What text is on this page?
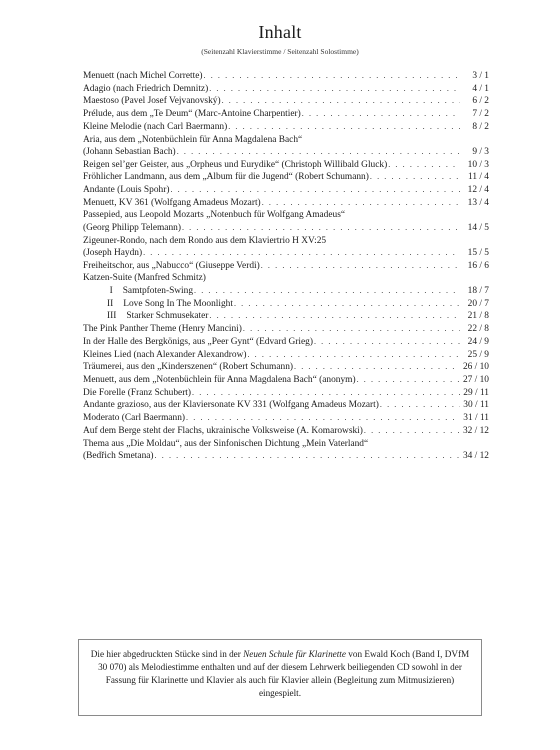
Inhalt
(Seitenzahl Klavierstimme / Seitenzahl Solostimme)
Menuett (nach Michel Corrette) . . .	3 / 1
Adagio (nach Friedrich Demnitz) . . .	4 / 1
Maestoso (Pavel Josef Vejvanovský) . . .	6 / 2
Prélude, aus dem „Te Deum“ (Marc-Antoine Charpentier) . . .	7 / 2
Kleine Melodie (nach Carl Baermann) . . .	8 / 2
Aria, aus dem „Notenbüchlein für Anna Magdalena Bach“
(Johann Sebastian Bach) . . .	9 / 3
Reigen sel’ger Geister, aus „Orpheus und Eurydike“ (Christoph Willibald Gluck) . . .	10 / 3
Fröhlicher Landmann, aus dem „Album für die Jugend“ (Robert Schumann) . . .	11 / 4
Andante (Louis Spohr) . . .	12 / 4
Menuett, KV 361 (Wolfgang Amadeus Mozart) . . .	13 / 4
Passepied, aus Leopold Mozarts „Notenbuch für Wolfgang Amadeus“
(Georg Philipp Telemann) . . .	14 / 5
Zigeuner-Rondo, nach dem Rondo aus dem Klaviertrio H XV:25
(Joseph Haydn) . . .	15 / 5
Freiheitschor, aus „Nabucco“ (Giuseppe Verdi) . . .	16 / 6
Katzen-Suite (Manfred Schmitz)
I Samtpfoten-Swing . . .	18 / 7
II Love Song In The Moonlight . . .	20 / 7
III Starker Schmusekater . . .	21 / 8
The Pink Panther Theme (Henry Mancini) . . .	22 / 8
In der Halle des Bergkönigs, aus „Peer Gynt“ (Edvard Grieg) . . .	24 / 9
Kleines Lied (nach Alexander Alexandrow) . . .	25 / 9
Träumerei, aus den „Kinderszenen“ (Robert Schumann) . . .	26 / 10
Menuett, aus dem „Notenbüchlein für Anna Magdalena Bach“ (anonym) . . .	27 / 10
Die Forelle (Franz Schubert) . . .	29 / 11
Andante grazioso, aus der Klaviersonate KV 331 (Wolfgang Amadeus Mozart) . . .	30 / 11
Moderato (Carl Baermann) . . .	31 / 11
Auf dem Berge steht der Flachs, ukrainische Volksweise (A. Komarowski) . . .	32 / 12
Thema aus „Die Moldau“, aus der Sinfonischen Dichtung „Mein Vaterland“
(Bedřich Smetana) . . .	34 / 12
Die hier abgedruckten Stücke sind in der Neuen Schule für Klarinette von Ewald Koch (Band I, DVfM 30 070) als Melodiestimme enthalten und auf der diesem Lehrwerk beiliegenden CD sowohl in der Fassung für Klarinette und Klavier als auch für Klavier allein (Begleitung zum Mitmusizieren) eingespielt.
